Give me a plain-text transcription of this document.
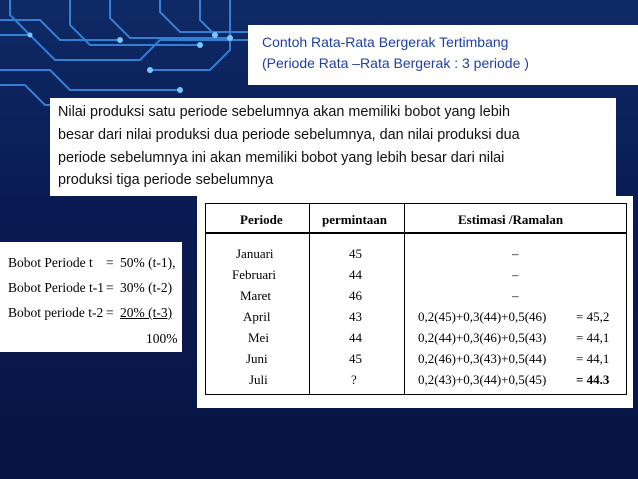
Contoh Rata-Rata Bergerak Tertimbang
(Periode Rata –Rata Bergerak : 3 periode )
Nilai produksi satu periode sebelumnya akan memiliki bobot yang lebih
besar dari nilai produksi dua periode sebelumnya, dan nilai produksi dua
periode sebelumnya ini akan memiliki bobot yang lebih besar dari nilai
produksi tiga periode sebelumnya
Bobot Periode t = 50% (t-1),
Bobot Periode t-1 = 30% (t-2)
Bobot periode t-2 = 20% (t-3)
100%
Periode	permintaan	Estimasi /Ramalan
Januari	45	–
Februari	44	–
Maret	46	–
April	43	0,2(45)+0,3(44)+0,5(46) = 45,2
Mei	44	0,2(44)+0,3(46)+0,5(43) = 44,1
Juni	45	0,2(46)+0,3(43)+0,5(44) = 44,1
Juli	?	0,2(43)+0,3(44)+0,5(45) = 44.3
